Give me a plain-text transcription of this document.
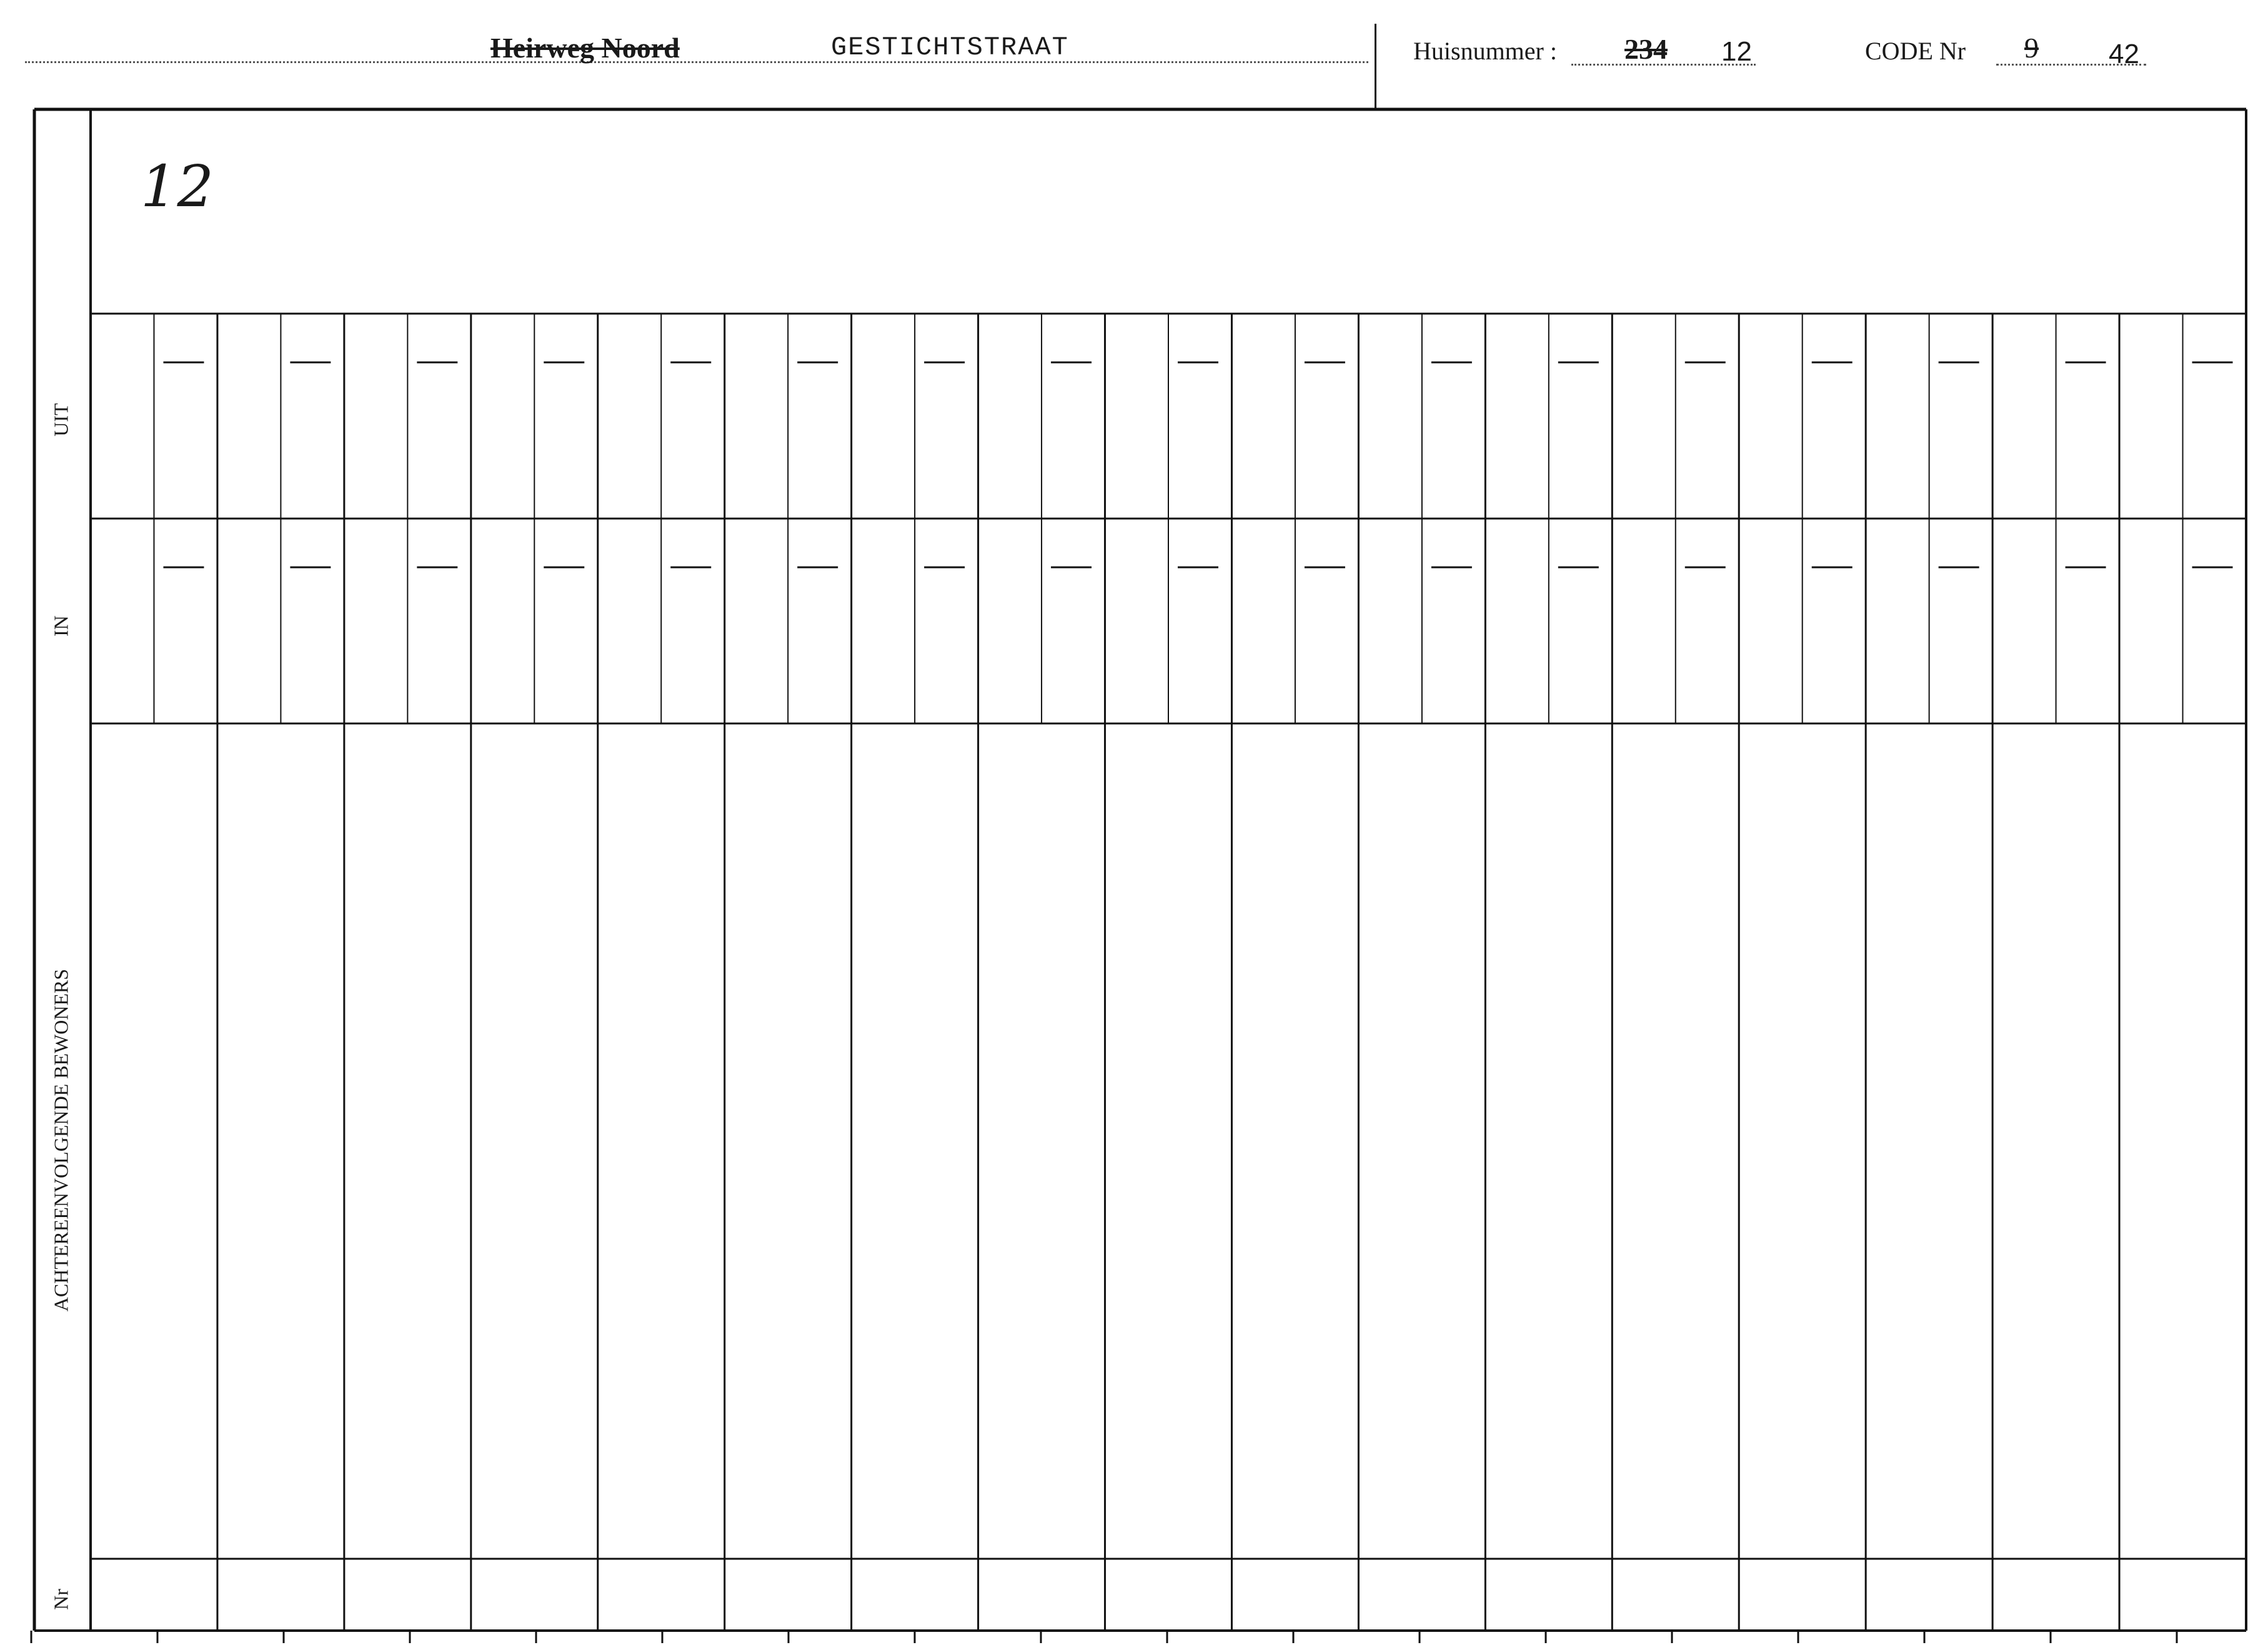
Heirweg Noord	GESTICHTSTRAAT	Huisnummer : 234 12	CODE Nr 9	42
12
UIT
IN
ACHTEREENVOLGENDE BEWONERS
Nr
